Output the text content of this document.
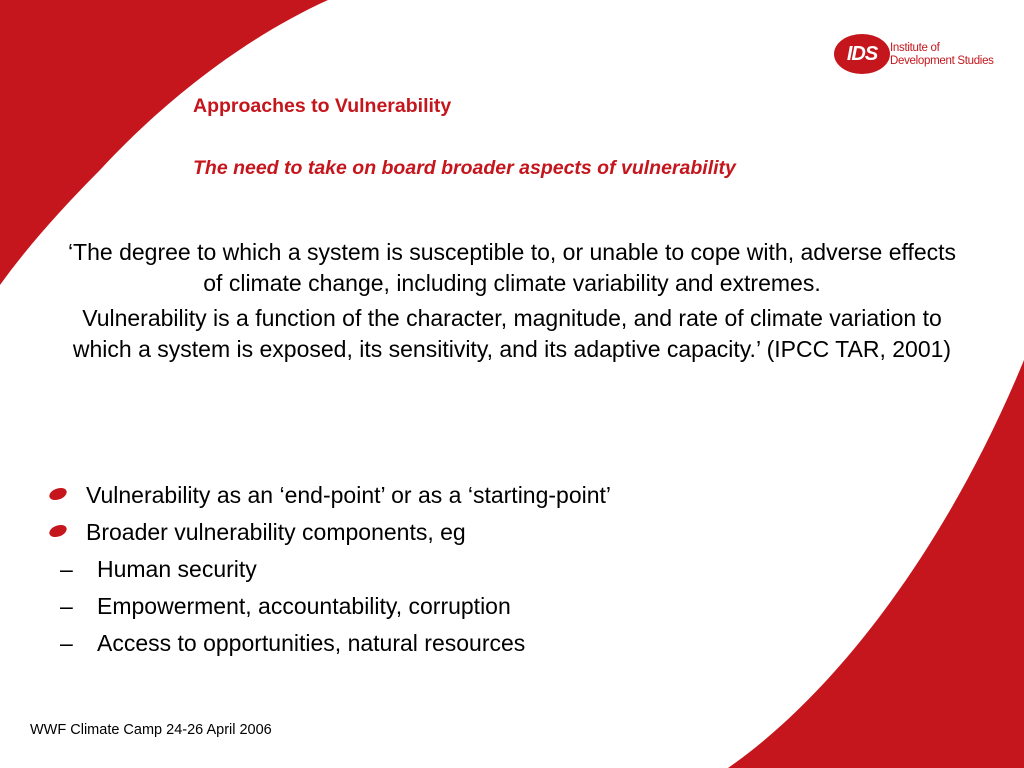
IDS	Institute of
Development Studies
Approaches to Vulnerability
The need to take on board broader aspects of vulnerability

‘The degree to which a system is susceptible to, or unable to cope with, adverse effects of climate change, including climate variability and extremes.

Vulnerability is a function of the character, magnitude, and rate of climate variation to which a system is exposed, its sensitivity, and its adaptive capacity.’ (IPCC TAR, 2001)

Vulnerability as an ‘end-point’ or as a ‘starting-point’
Broader vulnerability components, eg
– Human security
– Empowerment, accountability, corruption
– Access to opportunities, natural resources
WWF Climate Camp 24-26 April 2006
